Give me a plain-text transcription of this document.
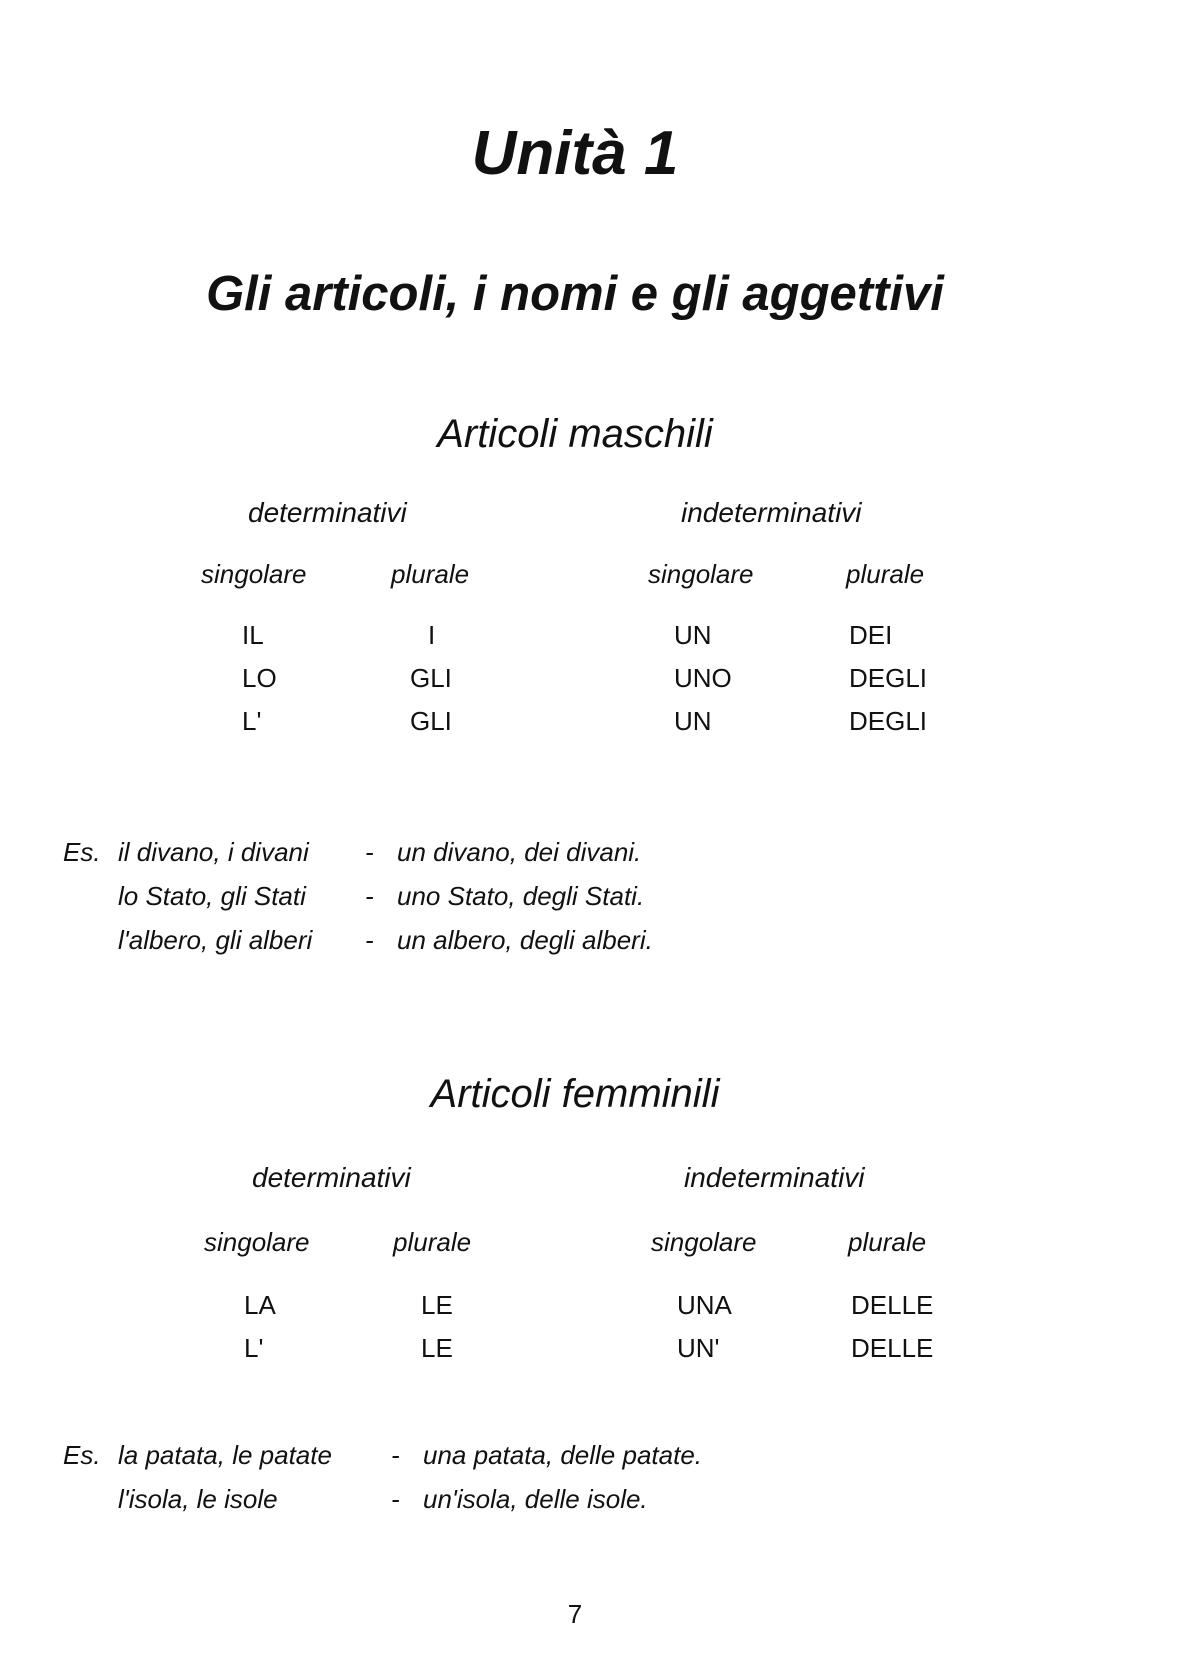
Unità 1
Gli articoli, i nomi e gli aggettivi
Articoli maschili
determinativi	indeterminativi
singolare	plurale	singolare	plurale
IL	I	UN	DEI
LO	GLI	UNO	DEGLI
L'	GLI	UN	DEGLI
Es. il divano, i divani - un divano, dei divani.
lo Stato, gli Stati - uno Stato, degli Stati.
l'albero, gli alberi - un albero, degli alberi.
Articoli femminili
determinativi	indeterminativi
singolare	plurale	singolare	plurale
LA	LE	UNA	DELLE
L'	LE	UN'	DELLE
Es. la patata, le patate - una patata, delle patate.
l'isola, le isole	- un'isola, delle isole.
7
